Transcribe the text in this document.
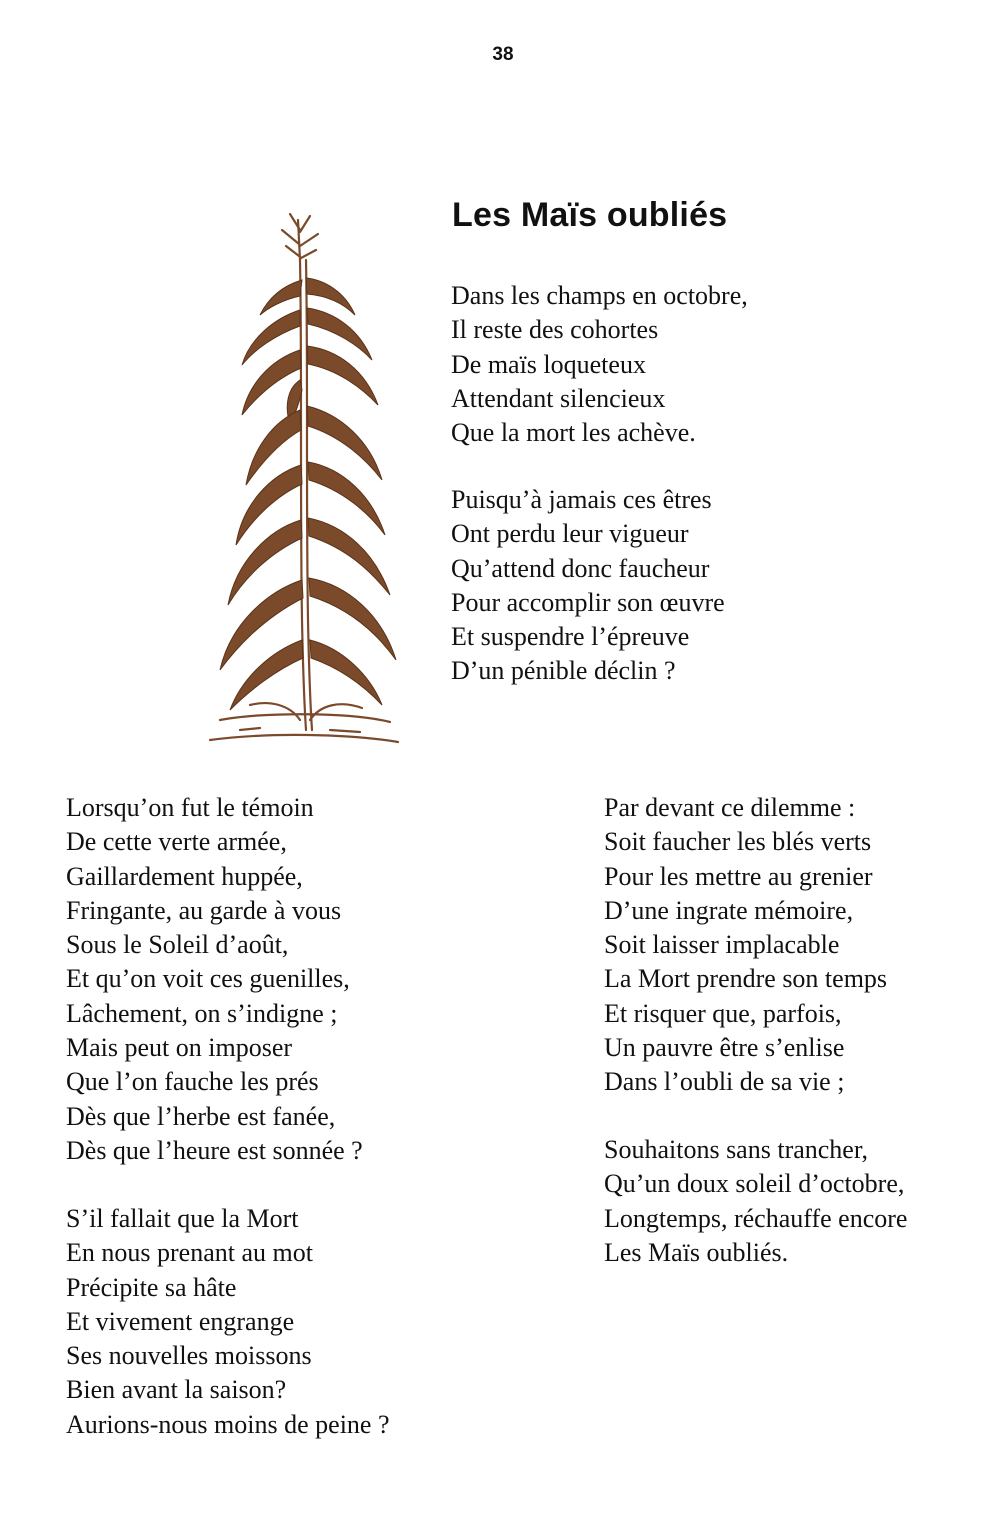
38
Les Maïs oubliés
Dans les champs en octobre,
Il reste des cohortes
De maïs loqueteux
Attendant silencieux
Que la mort les achève.
Puisqu’à jamais ces êtres
Ont perdu leur vigueur
Qu’attend donc faucheur
Pour accomplir son œuvre
Et suspendre l’épreuve
D’un pénible déclin ?
Lorsqu’on fut le témoin
De cette verte armée,
Gaillardement huppée,
Fringante, au garde à vous
Sous le Soleil d’août,
Et qu’on voit ces guenilles,
Lâchement, on s’indigne ;
Mais peut on imposer
Que l’on fauche les prés
Dès que l’herbe est fanée,
Dès que l’heure est sonnée ?
S’il fallait que la Mort
En nous prenant au mot
Précipite sa hâte
Et vivement engrange
Ses nouvelles moissons
Bien avant la saison?
Aurions-nous moins de peine ?
Par devant ce dilemme :
Soit faucher les blés verts
Pour les mettre au grenier
D’une ingrate mémoire,
Soit laisser implacable
La Mort prendre son temps
Et risquer que, parfois,
Un pauvre être s’enlise
Dans l’oubli de sa vie ;
Souhaitons sans trancher,
Qu’un doux soleil d’octobre,
Longtemps, réchauffe encore
Les Maïs oubliés.
